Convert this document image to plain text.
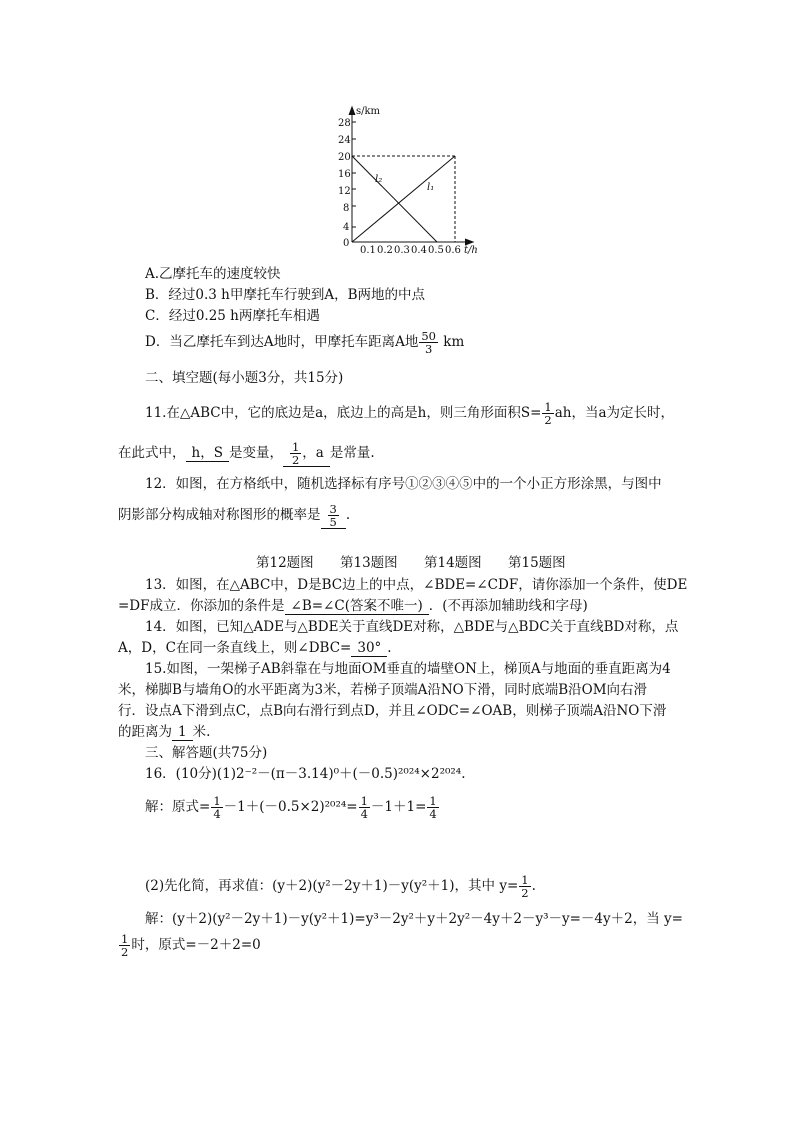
s/km
t/h
0
4
8
12
16
20
24
28
0.1 0.2 0.3 0.4 0.5 0.6
l₂
l₁
A.乙摩托车的速度较快
B．经过0.3 h甲摩托车行驶到A，B两地的中点
C．经过0.25 h两摩托车相遇
D．当乙摩托车到达A地时，甲摩托车距离A地 $\frac{50}{3}$ km
二、填空题(每小题3分，共15分)
11.在△ABC中，它的底边是a，底边上的高是h，则三角形面积$S= \frac{1}{2}$ ah，当a为定长时，
在此式中， h，S 是变量， $\frac{1}{2}$ ，a 是常量.
12．如图，在方格纸中，随机选择标有序号①②③④⑤中的一个小正方形涂黑，与图中
阴影部分构成轴对称图形的概率是 $\frac{3}{5}$ .
第12题图 第13题图 第14题图 第15题图
13．如图，在△ABC中，D是BC边上的中点，∠BDE=∠CDF，请你添加一个条件，使DE
=DF成立．你添加的条件是 ∠B=∠C(答案不唯一) ．(不再添加辅助线和字母)
14．如图，已知△ADE与△BDE关于直线DE对称，△BDE与△BDC关于直线BD对称，点
A，D，C在同一条直线上，则∠DBC= 30° .
15.如图，一架梯子AB斜靠在与地面OM垂直的墙壁ON上，梯顶A与地面的垂直距离为4
米，梯脚B与墙角O的水平距离为3米，若梯子顶端A沿NO下滑，同时底端B沿OM向右滑
行．设点A下滑到点C，点B向右滑行到点D，并且∠ODC=∠OAB，则梯子顶端A沿NO下滑
的距离为 1 米.
三、解答题(共75分)
16．(10分)(1)2⁻²－(π－3.14)⁰＋(－0.5)²⁰²⁴×2²⁰²⁴.
解：原式= $\frac{1}{4} -1+(-0.5\times 2)^{2024}= \frac{1}{4} -1+1= \frac{1}{4}$
(2)先化简，再求值：(y＋2)(y²－2y＋1)－y(y²＋1)，其中 $y= \frac{1}{2}$ .
解：(y＋2)(y²－2y＋1)－y(y²＋1)=y³－2y²＋y＋2y²－4y＋2－y³－y=－4y＋2，当 y=
$\frac{1}{2}$ 时，原式=－2＋2=0
